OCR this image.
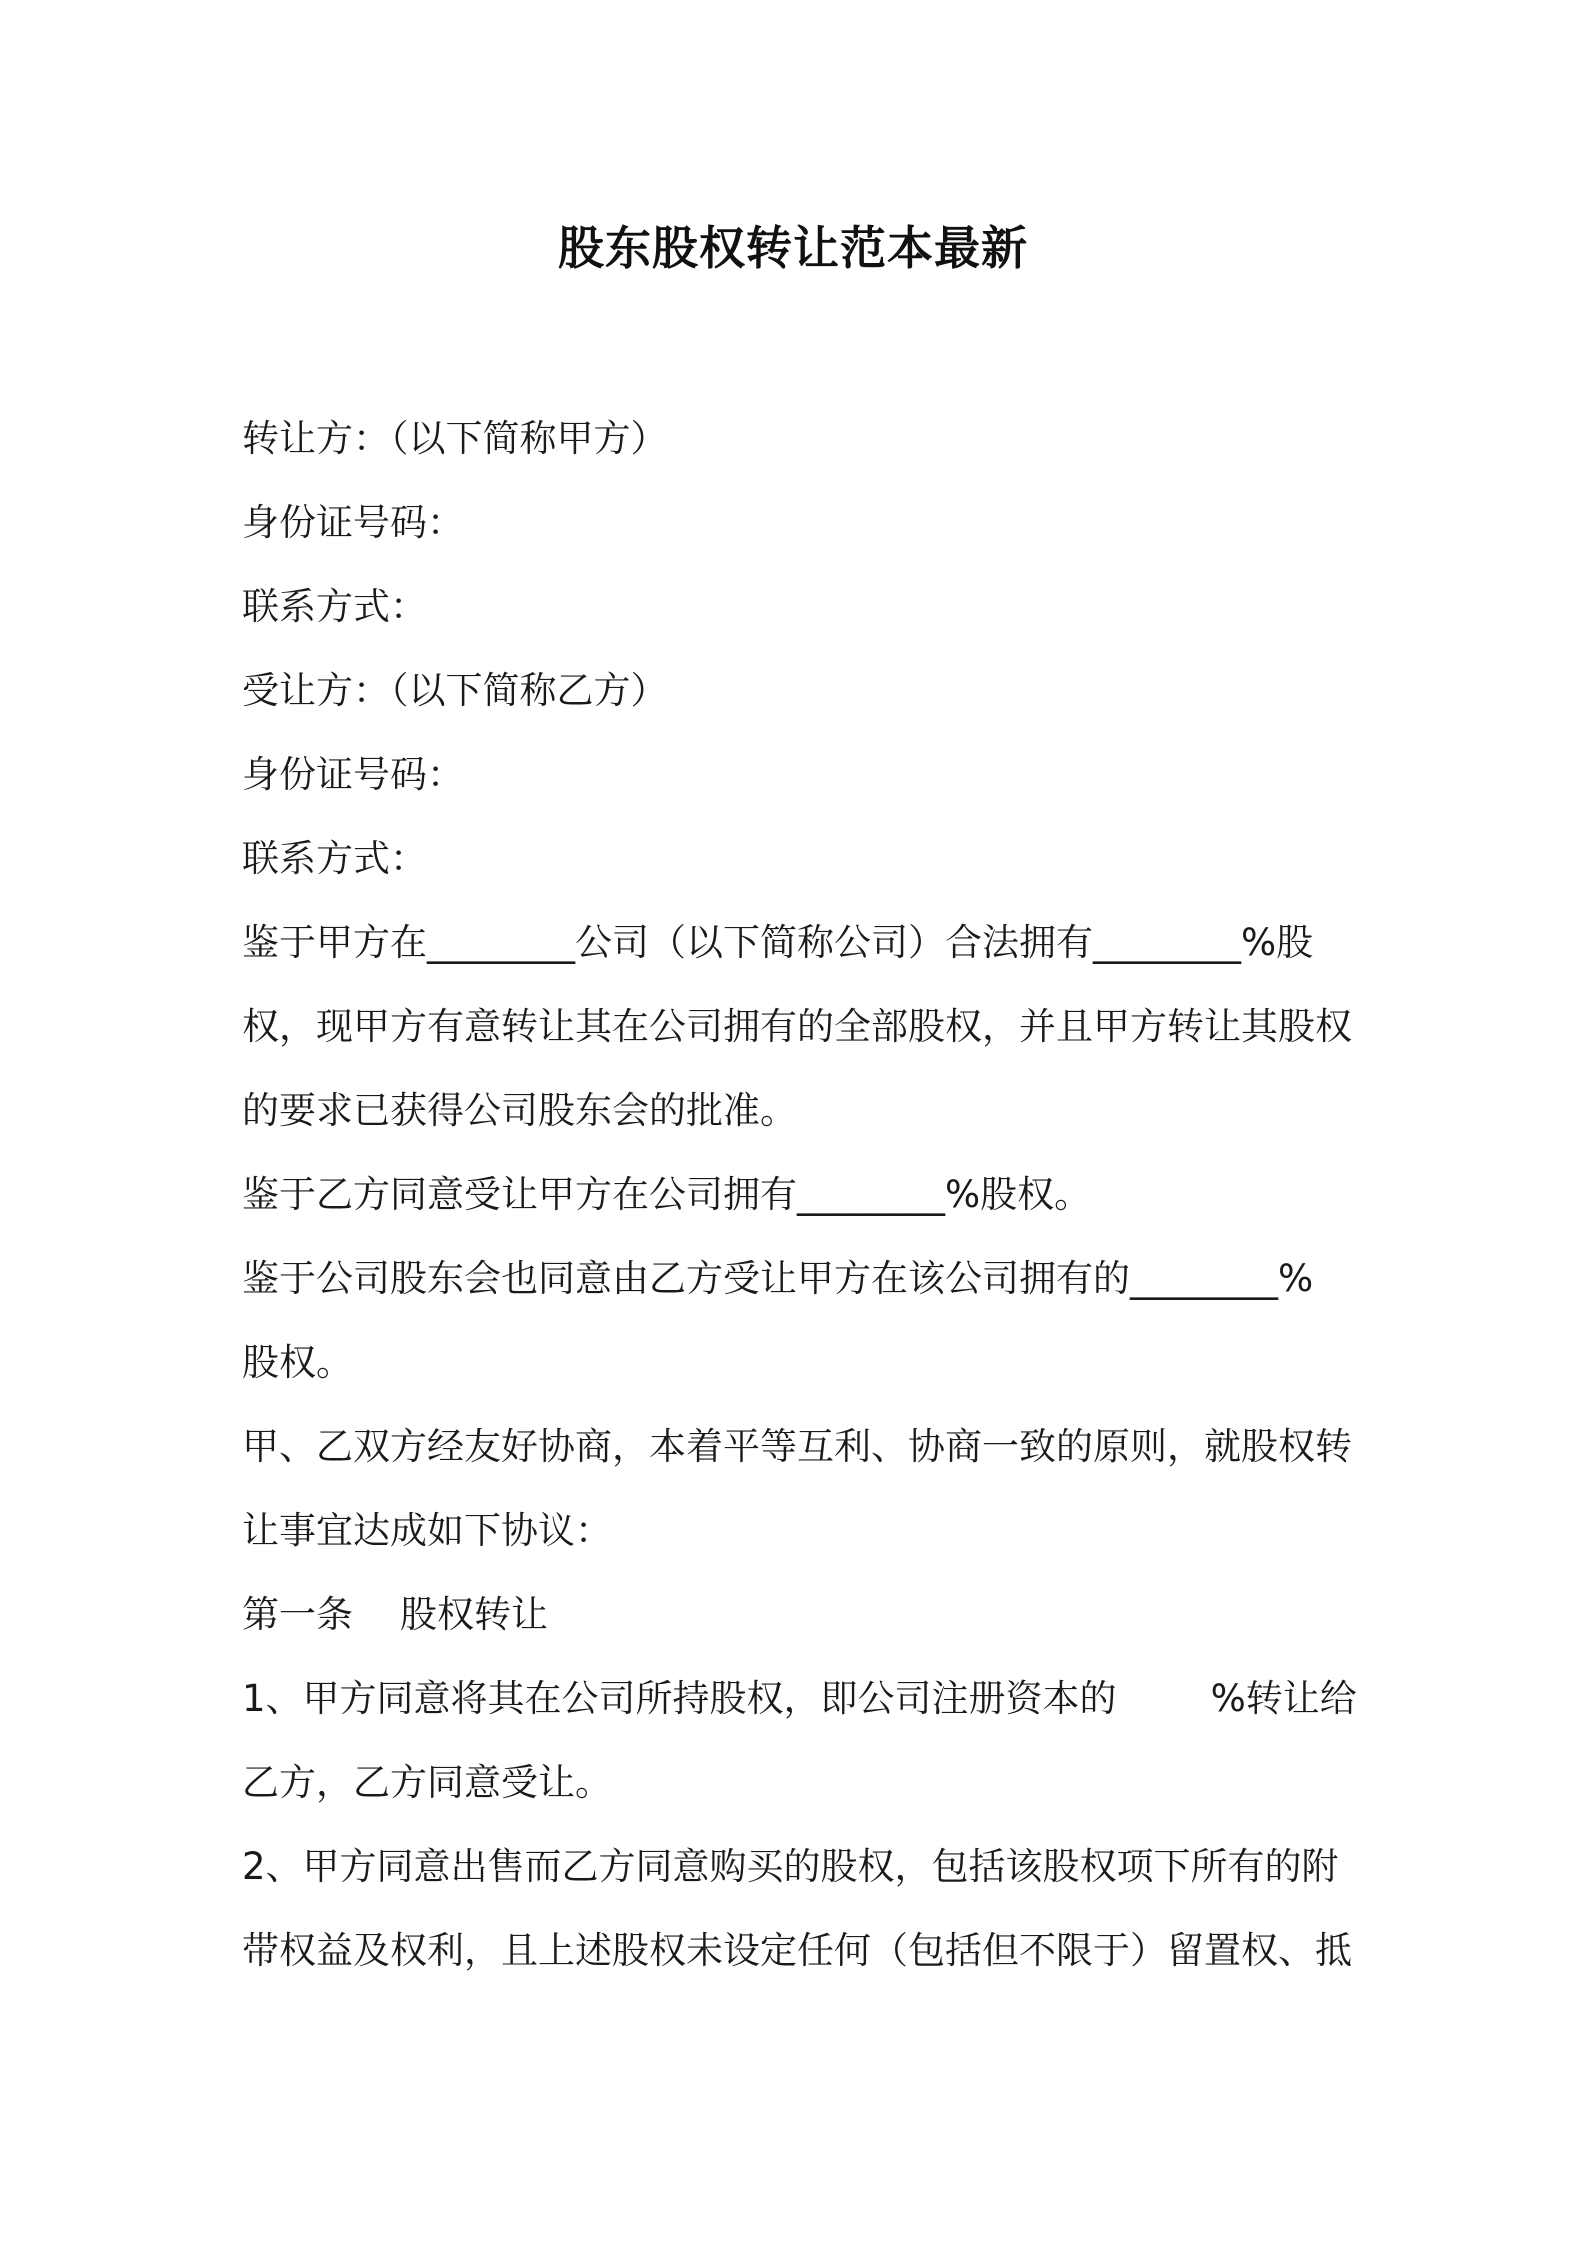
股东股权转让范本最新
转让方：（以下简称甲方）
身份证号码：
联系方式：
受让方：（以下简称乙方）
身份证号码：
联系方式：
鉴于甲方在________公司（以下简称公司）合法拥有________%股
权，现甲方有意转让其在公司拥有的全部股权，并且甲方转让其股权
的要求已获得公司股东会的批准。
鉴于乙方同意受让甲方在公司拥有________%股权。
鉴于公司股东会也同意由乙方受让甲方在该公司拥有的________%
股权。
甲、乙双方经友好协商，本着平等互利、协商一致的原则，就股权转
让事宜达成如下协议：
第一条    股权转让
1、甲方同意将其在公司所持股权，即公司注册资本的        %转让给
乙方，乙方同意受让。
2、甲方同意出售而乙方同意购买的股权，包括该股权项下所有的附
带权益及权利，且上述股权未设定任何（包括但不限于）留置权、抵
